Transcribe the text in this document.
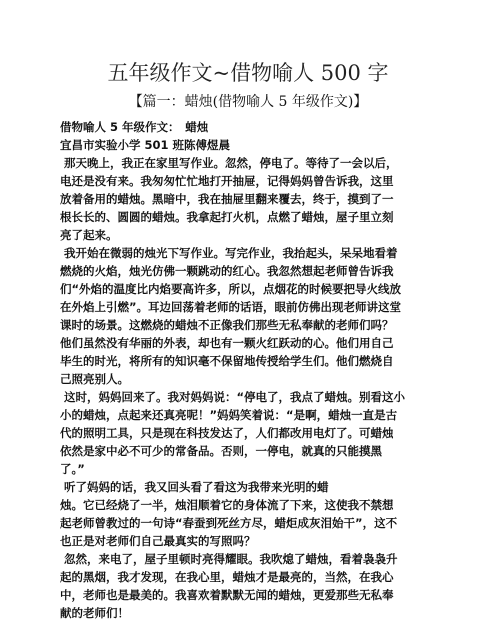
五年级作文~借物喻人 500 字
【篇一：蜡烛(借物喻人 5 年级作文)】
借物喻人 5 年级作文：　蜡烛
宜昌市实验小学 501 班陈傅煜晨
那天晚上，我正在家里写作业。忽然，停电了。等待了一会以后，
电还是没有来。我匆匆忙忙地打开抽屉，记得妈妈曾告诉我，这里
放着备用的蜡烛。黑暗中，我在抽屉里翻来覆去，终于，摸到了一
根长长的、圆圆的蜡烛。我拿起打火机，点燃了蜡烛，屋子里立刻
亮了起来。
我开始在微弱的烛光下写作业。写完作业，我抬起头，呆呆地看着
燃烧的火焰，烛光仿佛一颗跳动的红心。我忽然想起老师曾告诉我
们“外焰的温度比内焰要高许多，所以，点烟花的时候要把导火线放
在外焰上引燃”。耳边回荡着老师的话语，眼前仿佛出现老师讲这堂
课时的场景。这燃烧的蜡烛不正像我们那些无私奉献的老师们吗？
他们虽然没有华丽的外表，却也有一颗火红跃动的心。他们用自己
毕生的时光，将所有的知识毫不保留地传授给学生们。他们燃烧自
己照亮别人。
这时，妈妈回来了。我对妈妈说：“停电了，我点了蜡烛。别看这小
小的蜡烛，点起来还真亮呢！”妈妈笑着说：“是啊，蜡烛一直是古
代的照明工具，只是现在科技发达了，人们都改用电灯了。可蜡烛
依然是家中必不可少的常备品。否则，一停电，就真的只能摸黑
了。”
听了妈妈的话，我又回头看了看这为我带来光明的蜡
烛。它已经烧了一半，烛泪顺着它的身体流了下来，这使我不禁想
起老师曾教过的一句诗“春蚕到死丝方尽，蜡炬成灰泪始干”，这不
也正是对老师们自己最真实的写照吗？
忽然，来电了，屋子里顿时亮得耀眼。我吹熄了蜡烛，看着袅袅升
起的黑烟，我才发现，在我心里，蜡烛才是最亮的，当然，在我心
中，老师也是最美的。我喜欢着默默无闻的蜡烛，更爱那些无私奉
献的老师们！
